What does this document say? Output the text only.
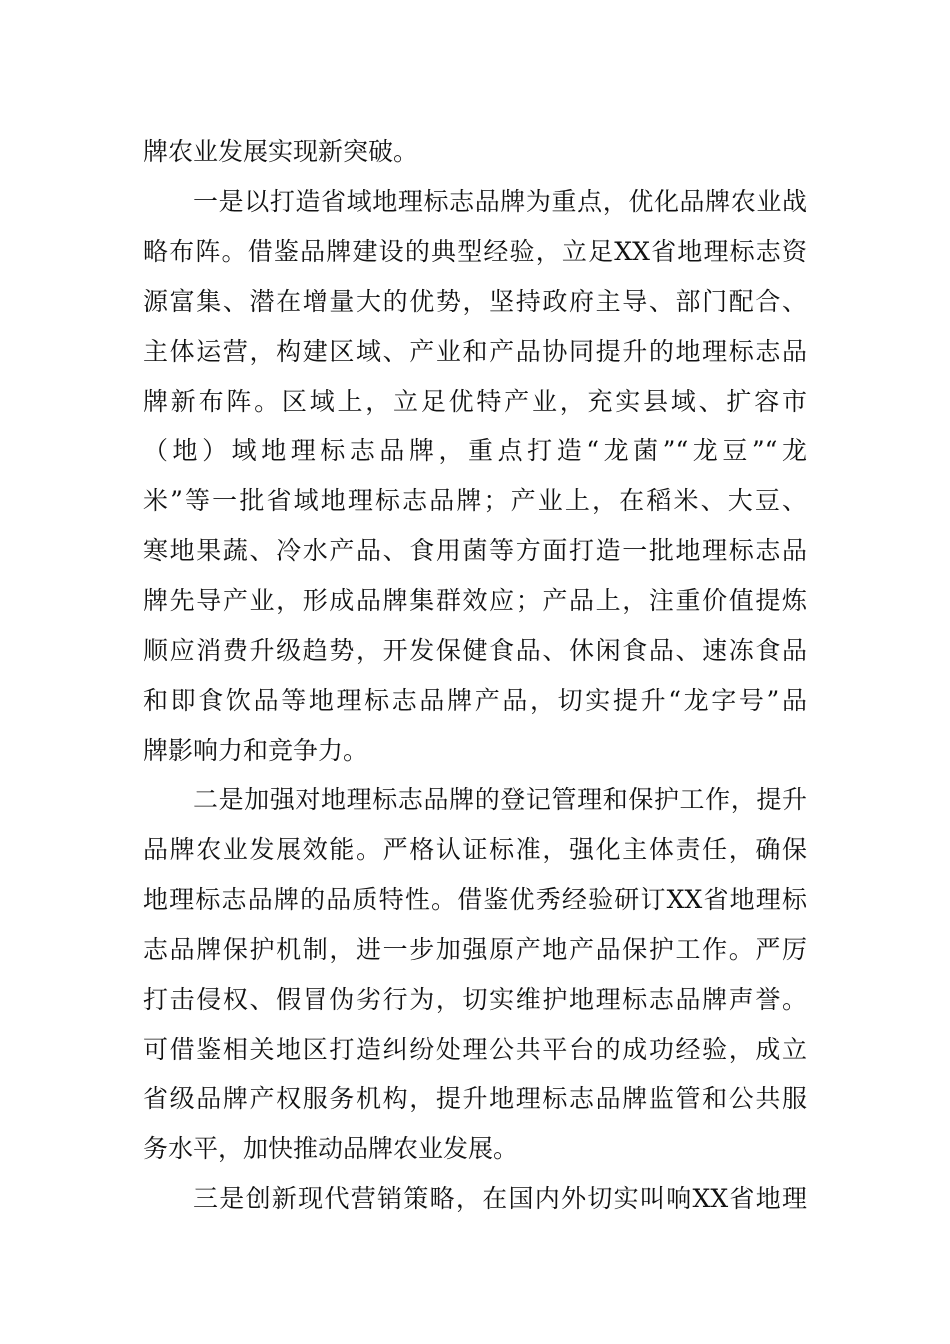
牌农业发展实现新突破。
一是以打造省域地理标志品牌为重点，优化品牌农业战
略布阵。借鉴品牌建设的典型经验，立足XX省地理标志资
源富集、潜在增量大的优势，坚持政府主导、部门配合、
主体运营，构建区域、产业和产品协同提升的地理标志品
牌新布阵。区域上，立足优特产业，充实县域、扩容市
（地）域地理标志品牌，重点打造“龙菌”“龙豆”“龙
米”等一批省域地理标志品牌；产业上，在稻米、大豆、
寒地果蔬、冷水产品、食用菌等方面打造一批地理标志品
牌先导产业，形成品牌集群效应；产品上，注重价值提炼
顺应消费升级趋势，开发保健食品、休闲食品、速冻食品
和即食饮品等地理标志品牌产品，切实提升“龙字号”品
牌影响力和竞争力。
二是加强对地理标志品牌的登记管理和保护工作，提升
品牌农业发展效能。严格认证标准，强化主体责任，确保
地理标志品牌的品质特性。借鉴优秀经验研订XX省地理标
志品牌保护机制，进一步加强原产地产品保护工作。严厉
打击侵权、假冒伪劣行为，切实维护地理标志品牌声誉。
可借鉴相关地区打造纠纷处理公共平台的成功经验，成立
省级品牌产权服务机构，提升地理标志品牌监管和公共服
务水平，加快推动品牌农业发展。
三是创新现代营销策略，在国内外切实叫响XX省地理
